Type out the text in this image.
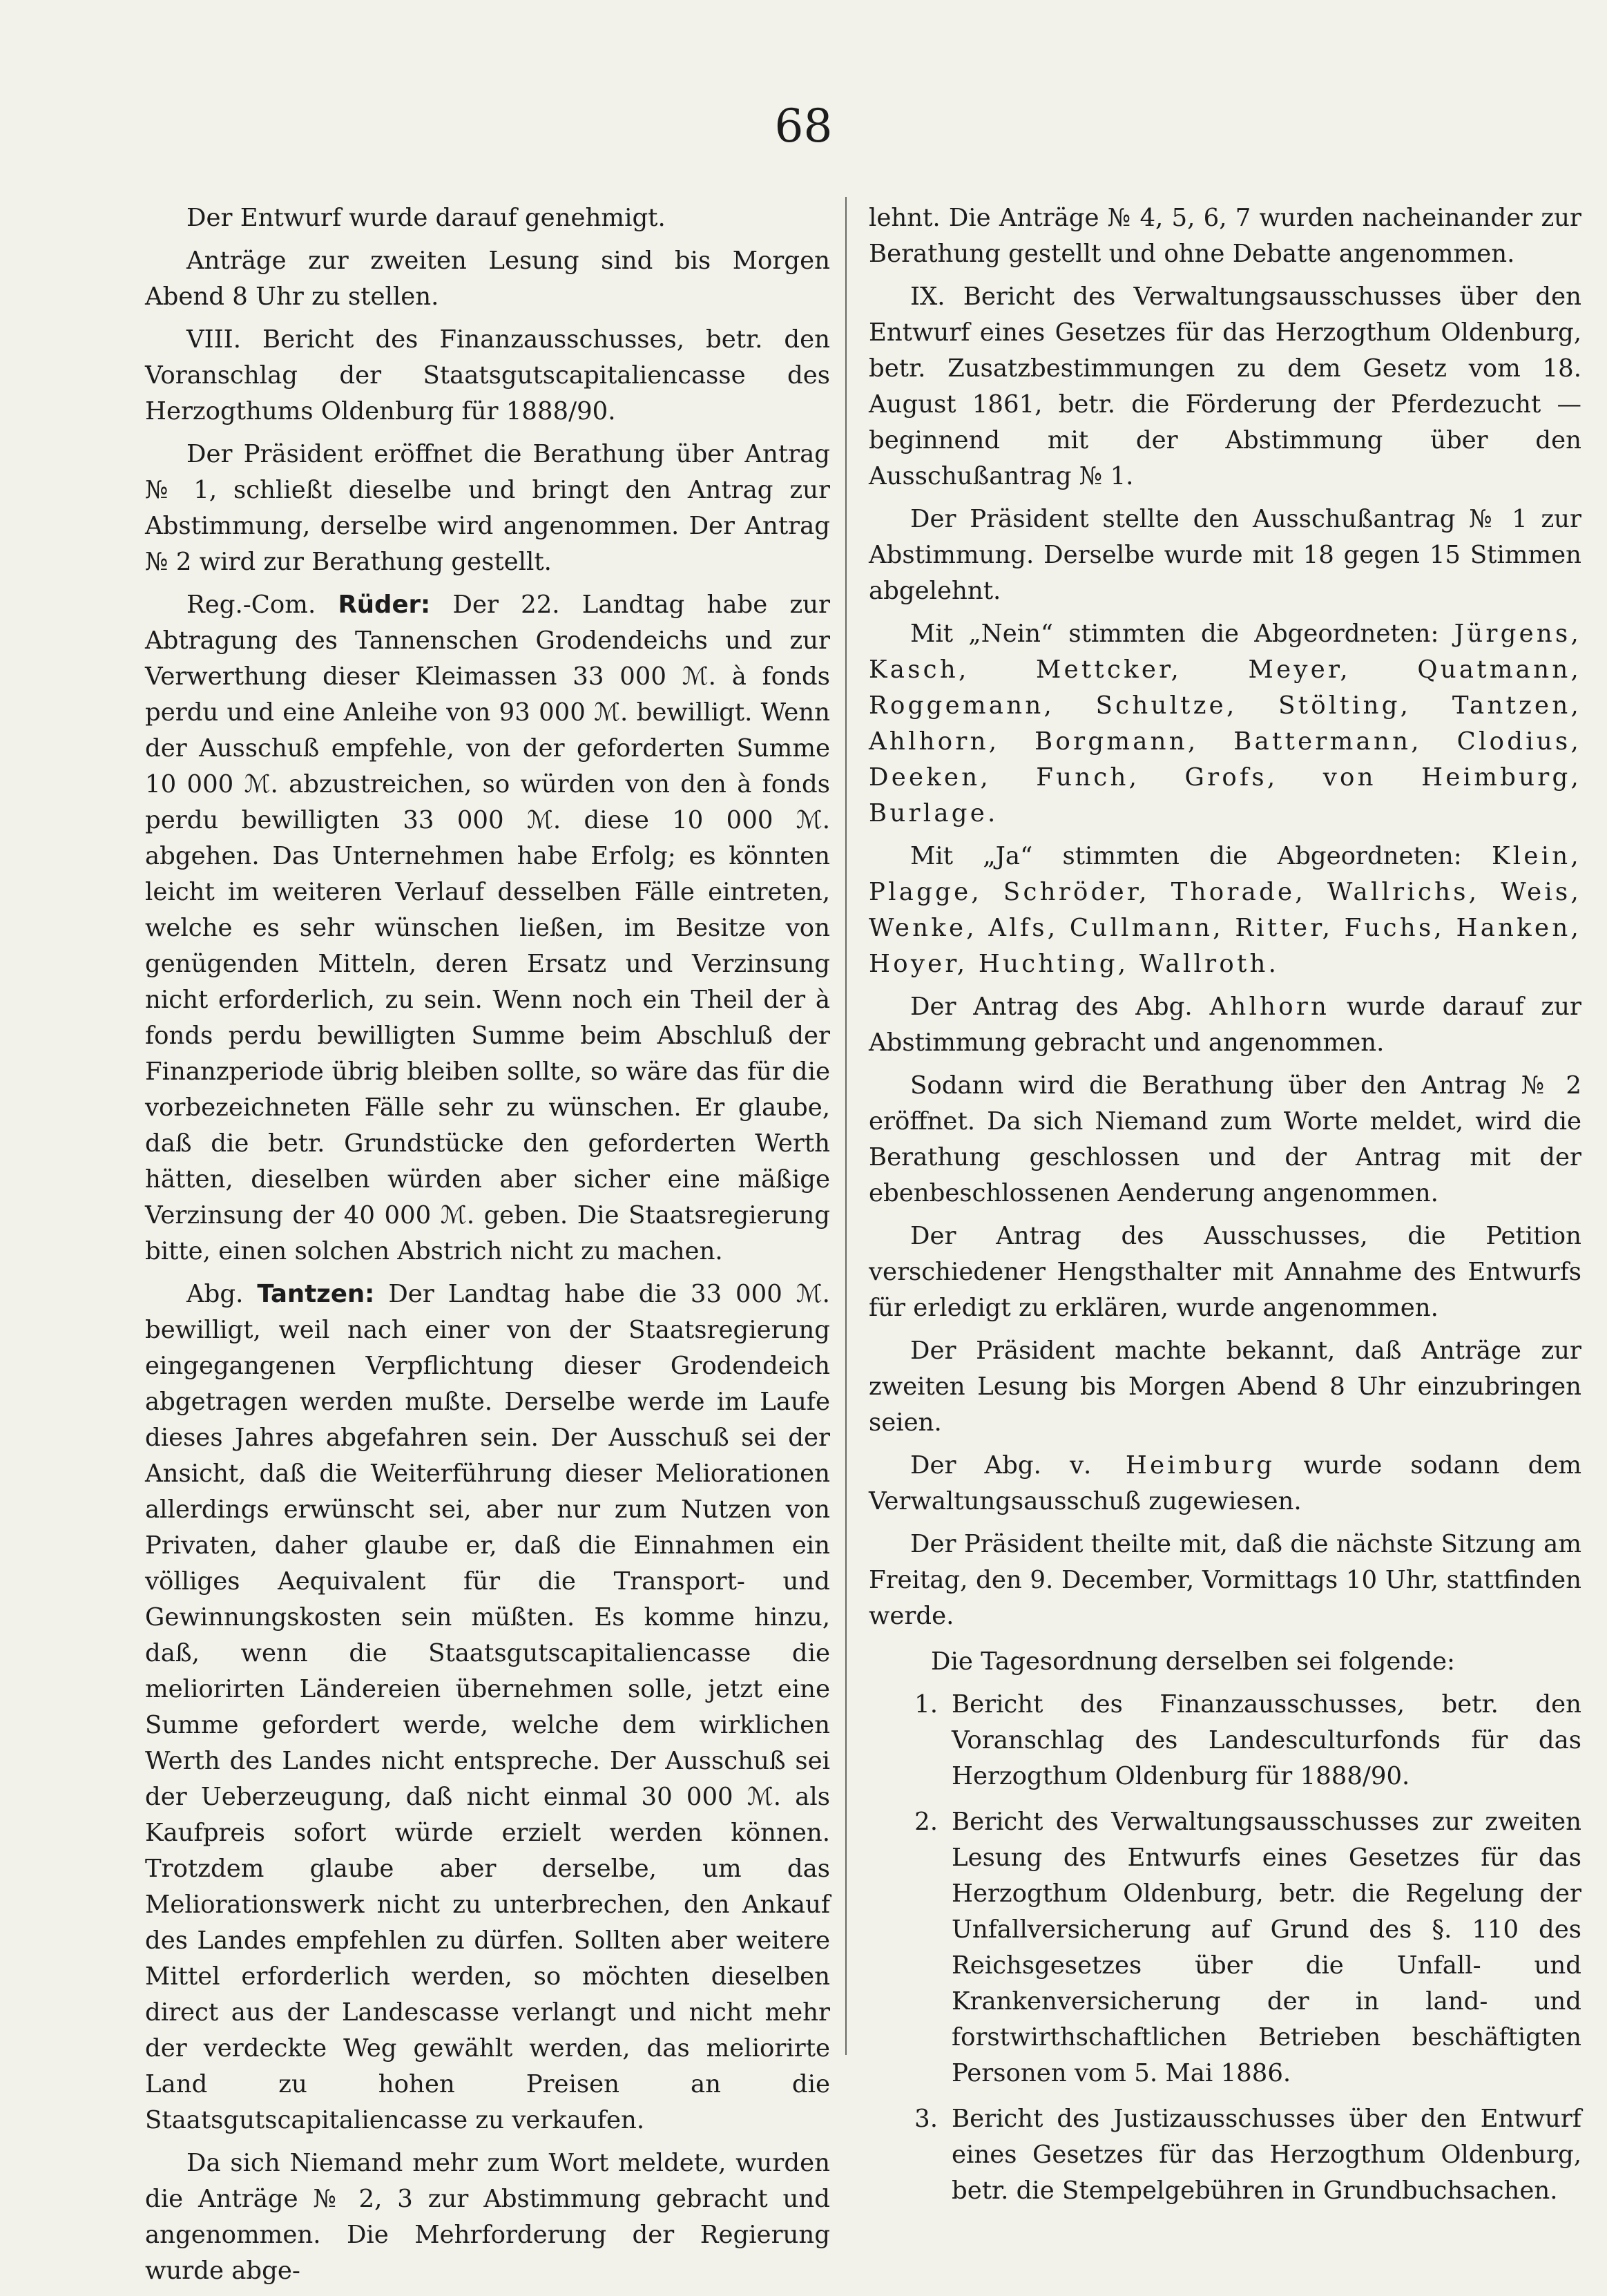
68

Der Entwurf wurde darauf genehmigt.

Anträge zur zweiten Lesung sind bis Morgen Abend 8 Uhr zu stellen.

VIII. Bericht des Finanzausschusses, betr. den Voranschlag der Staatsgutscapitaliencasse des Herzogthums Oldenburg für 1888/90.

Der Präsident eröffnet die Berathung über Antrag № 1, schließt dieselbe und bringt den Antrag zur Abstimmung, derselbe wird angenommen. Der Antrag № 2 wird zur Berathung gestellt.

Reg.-Com. Rüder: Der 22. Landtag habe zur Abtragung des Tannenschen Grodendeichs und zur Verwerthung dieser Kleimassen 33 000 ℳ. à fonds perdu und eine Anleihe von 93 000 ℳ. bewilligt. Wenn der Ausschuß empfehle, von der geforderten Summe 10 000 ℳ. abzustreichen, so würden von den à fonds perdu bewilligten 33 000 ℳ. diese 10 000 ℳ. abgehen. Das Unternehmen habe Erfolg; es könnten leicht im weiteren Verlauf desselben Fälle eintreten, welche es sehr wünschen ließen, im Besitze von genügenden Mitteln, deren Ersatz und Verzinsung nicht erforderlich, zu sein. Wenn noch ein Theil der à fonds perdu bewilligten Summe beim Abschluß der Finanzperiode übrig bleiben sollte, so wäre das für die vorbezeichneten Fälle sehr zu wünschen. Er glaube, daß die betr. Grundstücke den geforderten Werth hätten, dieselben würden aber sicher eine mäßige Verzinsung der 40 000 ℳ. geben. Die Staatsregierung bitte, einen solchen Abstrich nicht zu machen.

Abg. Tantzen: Der Landtag habe die 33 000 ℳ. bewilligt, weil nach einer von der Staatsregierung eingegangenen Verpflichtung dieser Grodendeich abgetragen werden mußte. Derselbe werde im Laufe dieses Jahres abgefahren sein. Der Ausschuß sei der Ansicht, daß die Weiterführung dieser Meliorationen allerdings erwünscht sei, aber nur zum Nutzen von Privaten, daher glaube er, daß die Einnahmen ein völliges Aequivalent für die Transport- und Gewinnungskosten sein müßten. Es komme hinzu, daß, wenn die Staatsgutscapitaliencasse die meliorirten Ländereien übernehmen solle, jetzt eine Summe gefordert werde, welche dem wirklichen Werth des Landes nicht entspreche. Der Ausschuß sei der Ueberzeugung, daß nicht einmal 30 000 ℳ. als Kaufpreis sofort würde erzielt werden können. Trotzdem glaube aber derselbe, um das Meliorationswerk nicht zu unterbrechen, den Ankauf des Landes empfehlen zu dürfen. Sollten aber weitere Mittel erforderlich werden, so möchten dieselben direct aus der Landescasse verlangt und nicht mehr der verdeckte Weg gewählt werden, das meliorirte Land zu hohen Preisen an die Staatsgutscapitaliencasse zu verkaufen.

Da sich Niemand mehr zum Wort meldete, wurden die Anträge № 2, 3 zur Abstimmung gebracht und angenommen. Die Mehrforderung der Regierung wurde abge-

lehnt. Die Anträge № 4, 5, 6, 7 wurden nacheinander zur Berathung gestellt und ohne Debatte angenommen.

IX. Bericht des Verwaltungsausschusses über den Entwurf eines Gesetzes für das Herzogthum Oldenburg, betr. Zusatzbestimmungen zu dem Gesetz vom 18. August 1861, betr. die Förderung der Pferdezucht — beginnend mit der Abstimmung über den Ausschußantrag № 1.

Der Präsident stellte den Ausschußantrag № 1 zur Abstimmung. Derselbe wurde mit 18 gegen 15 Stimmen abgelehnt.

Mit „Nein“ stimmten die Abgeordneten: Jürgens, Kasch, Mettcker, Meyer, Quatmann, Roggemann, Schultze, Stölting, Tantzen, Ahlhorn, Borgmann, Battermann, Clodius, Deeken, Funch, Grofs, von Heimburg, Burlage.

Mit „Ja“ stimmten die Abgeordneten: Klein, Plagge, Schröder, Thorade, Wallrichs, Weis, Wenke, Alfs, Cullmann, Ritter, Fuchs, Hanken, Hoyer, Huchting, Wallroth.

Der Antrag des Abg. Ahlhorn wurde darauf zur Abstimmung gebracht und angenommen.

Sodann wird die Berathung über den Antrag № 2 eröffnet. Da sich Niemand zum Worte meldet, wird die Berathung geschlossen und der Antrag mit der ebenbeschlossenen Aenderung angenommen.

Der Antrag des Ausschusses, die Petition verschiedener Hengsthalter mit Annahme des Entwurfs für erledigt zu erklären, wurde angenommen.

Der Präsident machte bekannt, daß Anträge zur zweiten Lesung bis Morgen Abend 8 Uhr einzubringen seien.

Der Abg. v. Heimburg wurde sodann dem Verwaltungsausschuß zugewiesen.

Der Präsident theilte mit, daß die nächste Sitzung am Freitag, den 9. December, Vormittags 10 Uhr, stattfinden werde.

Die Tagesordnung derselben sei folgende:

1. Bericht des Finanzausschusses, betr. den Voranschlag des Landesculturfonds für das Herzogthum Oldenburg für 1888/90.
2. Bericht des Verwaltungsausschusses zur zweiten Lesung des Entwurfs eines Gesetzes für das Herzogthum Oldenburg, betr. die Regelung der Unfallversicherung auf Grund des §. 110 des Reichsgesetzes über die Unfall- und Krankenversicherung der in land- und forstwirthschaftlichen Betrieben beschäftigten Personen vom 5. Mai 1886.
3. Bericht des Justizausschusses über den Entwurf eines Gesetzes für das Herzogthum Oldenburg, betr. die Stempelgebühren in Grundbuchsachen.
